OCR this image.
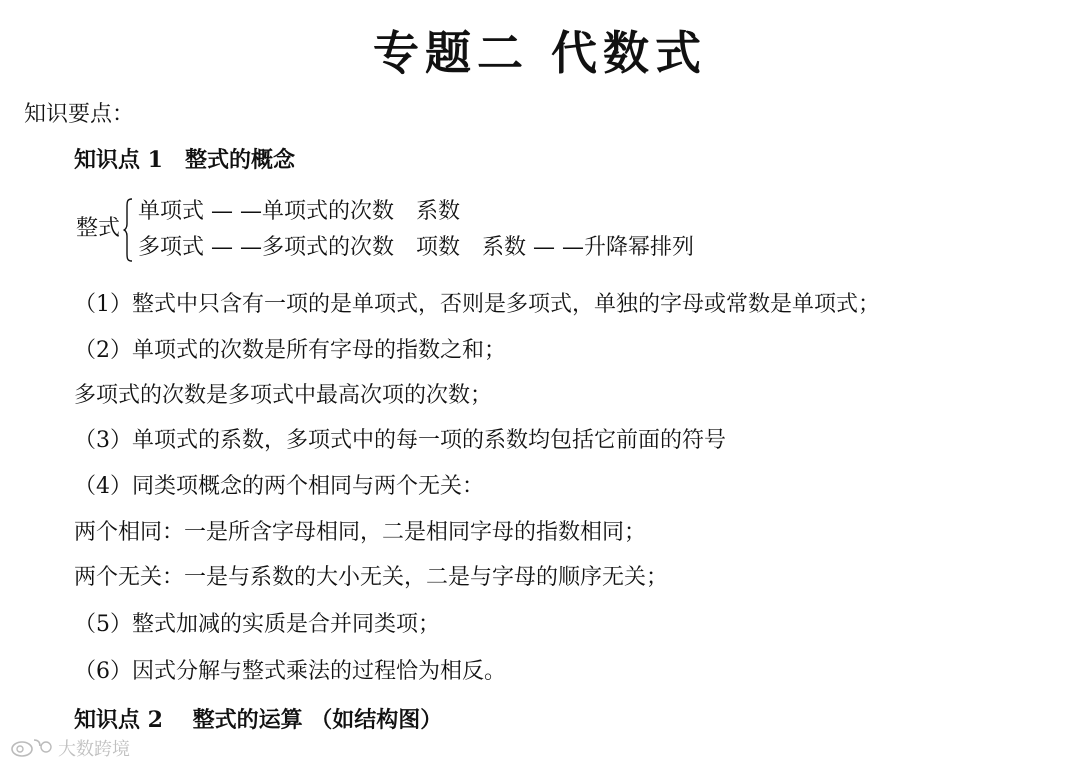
专题二 代数式
知识要点：
知识点 1　整式的概念
整式
单项式 — —单项式的次数　系数
多项式 — —多项式的次数　项数　系数 — —升降幂排列
（1）整式中只含有一项的是单项式，否则是多项式，单独的字母或常数是单项式；
（2）单项式的次数是所有字母的指数之和；
多项式的次数是多项式中最高次项的次数；
（3）单项式的系数，多项式中的每一项的系数均包括它前面的符号
（4）同类项概念的两个相同与两个无关：
两个相同：一是所含字母相同，二是相同字母的指数相同；
两个无关：一是与系数的大小无关，二是与字母的顺序无关；
（5）整式加减的实质是合并同类项；
（6）因式分解与整式乘法的过程恰为相反。
知识点 2　 整式的运算 （如结构图）
大数跨境
